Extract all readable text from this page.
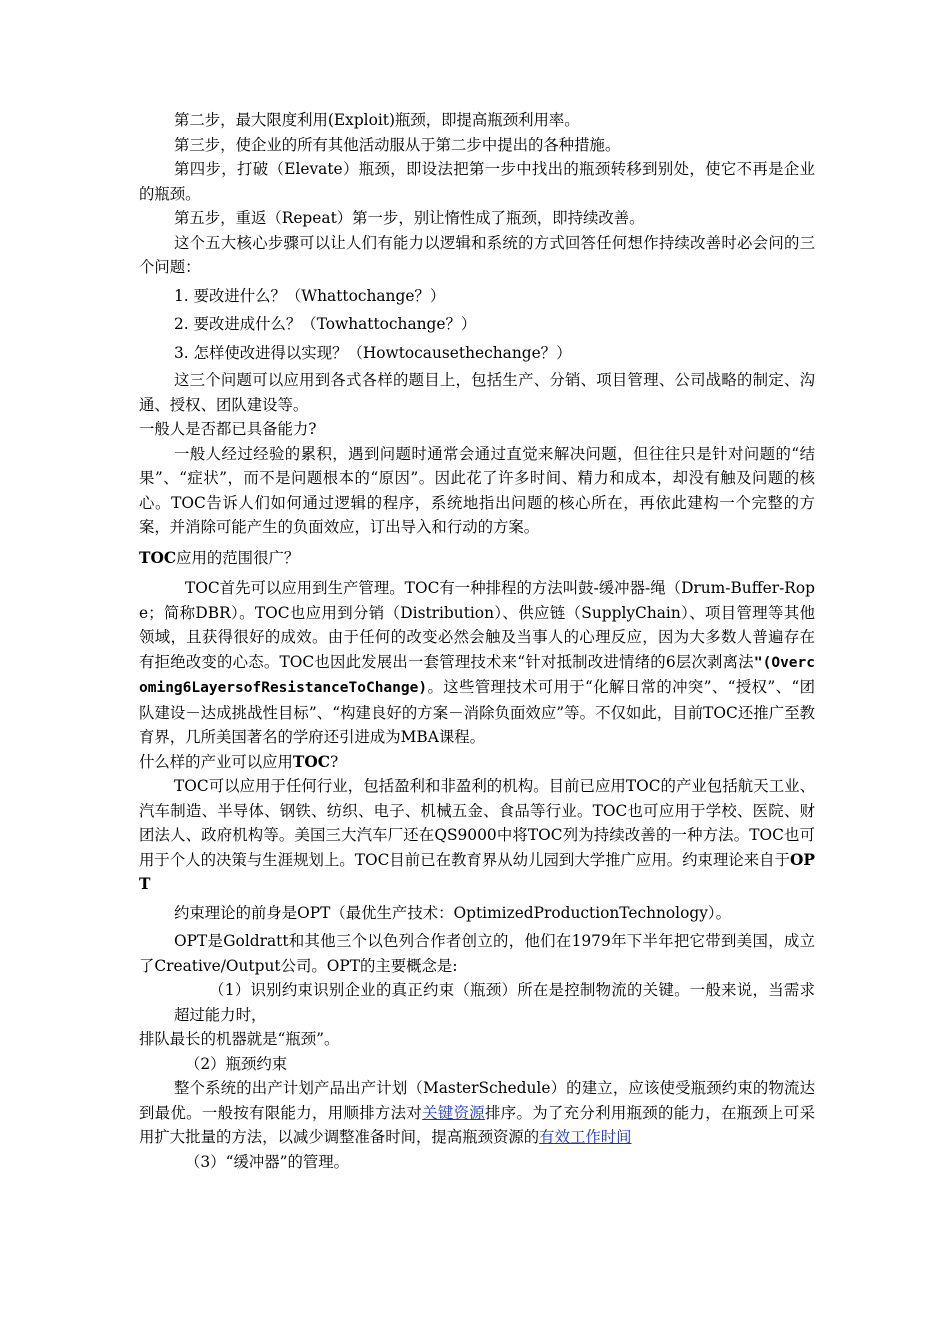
第二步，最大限度利用(Exploit)瓶颈，即提高瓶颈利用率。

第三步，使企业的所有其他活动服从于第二步中提出的各种措施。

第四步，打破（Elevate）瓶颈，即设法把第一步中找出的瓶颈转移到别处，使它不再是企业的瓶颈。

第五步，重返（Repeat）第一步，别让惰性成了瓶颈，即持续改善。

这个五大核心步骤可以让人们有能力以逻辑和系统的方式回答任何想作持续改善时必会问的三个问题：

1. 要改进什么？（Whattochange？）

2. 要改进成什么？（Towhattochange？）

3. 怎样使改进得以实现？（Howtocausethechange？）

这三个问题可以应用到各式各样的题目上，包括生产、分销、项目管理、公司战略的制定、沟通、授权、团队建设等。

一般人是否都已具备能力?

一般人经过经验的累积，遇到问题时通常会通过直觉来解决问题，但往往只是针对问题的“结果”、“症状”，而不是问题根本的“原因”。因此花了许多时间、精力和成本，却没有触及问题的核心。TOC告诉人们如何通过逻辑的程序，系统地指出问题的核心所在，再依此建构一个完整的方案，并消除可能产生的负面效应，订出导入和行动的方案。

TOC应用的范围很广？

TOC首先可以应用到生产管理。TOC有一种排程的方法叫鼓-缓冲器-绳（Drum-Buffer-Rope；简称DBR）。TOC也应用到分销（Distribution）、供应链（SupplyChain）、项目管理等其他领域，且获得很好的成效。由于任何的改变必然会触及当事人的心理反应，因为大多数人普遍存在有拒绝改变的心态。TOC也因此发展出一套管理技术来“针对抵制改进情绪的6层次剥离法"(Overcoming6LayersofResistanceToChange)。这些管理技术可用于“化解日常的冲突”、“授权”、“团队建设－达成挑战性目标”、“构建良好的方案－消除负面效应”等。不仅如此，目前TOC还推广至教育界，几所美国著名的学府还引进成为MBA课程。

什么样的产业可以应用TOC?

TOC可以应用于任何行业，包括盈利和非盈利的机构。目前已应用TOC的产业包括航天工业、汽车制造、半导体、钢铁、纺织、电子、机械五金、食品等行业。TOC也可应用于学校、医院、财团法人、政府机构等。美国三大汽车厂还在QS9000中将TOC列为持续改善的一种方法。TOC也可用于个人的决策与生涯规划上。TOC目前已在教育界从幼儿园到大学推广应用。约束理论来自于OPT

约束理论的前身是OPT（最优生产技术：OptimizedProductionTechnology）。

OPT是Goldratt和其他三个以色列合作者创立的，他们在1979年下半年把它带到美国，成立了Creative/Output公司。OPT的主要概念是:

（1）识别约束识别企业的真正约束（瓶颈）所在是控制物流的关键。一般来说，当需求超过能力时，

排队最长的机器就是“瓶颈”。

（2）瓶颈约束

整个系统的出产计划产品出产计划（MasterSchedule）的建立，应该使受瓶颈约束的物流达到最优。一般按有限能力，用顺排方法对关键资源排序。为了充分利用瓶颈的能力，在瓶颈上可采用扩大批量的方法，以减少调整准备时间，提高瓶颈资源的有效工作时间

（3）“缓冲器”的管理。
